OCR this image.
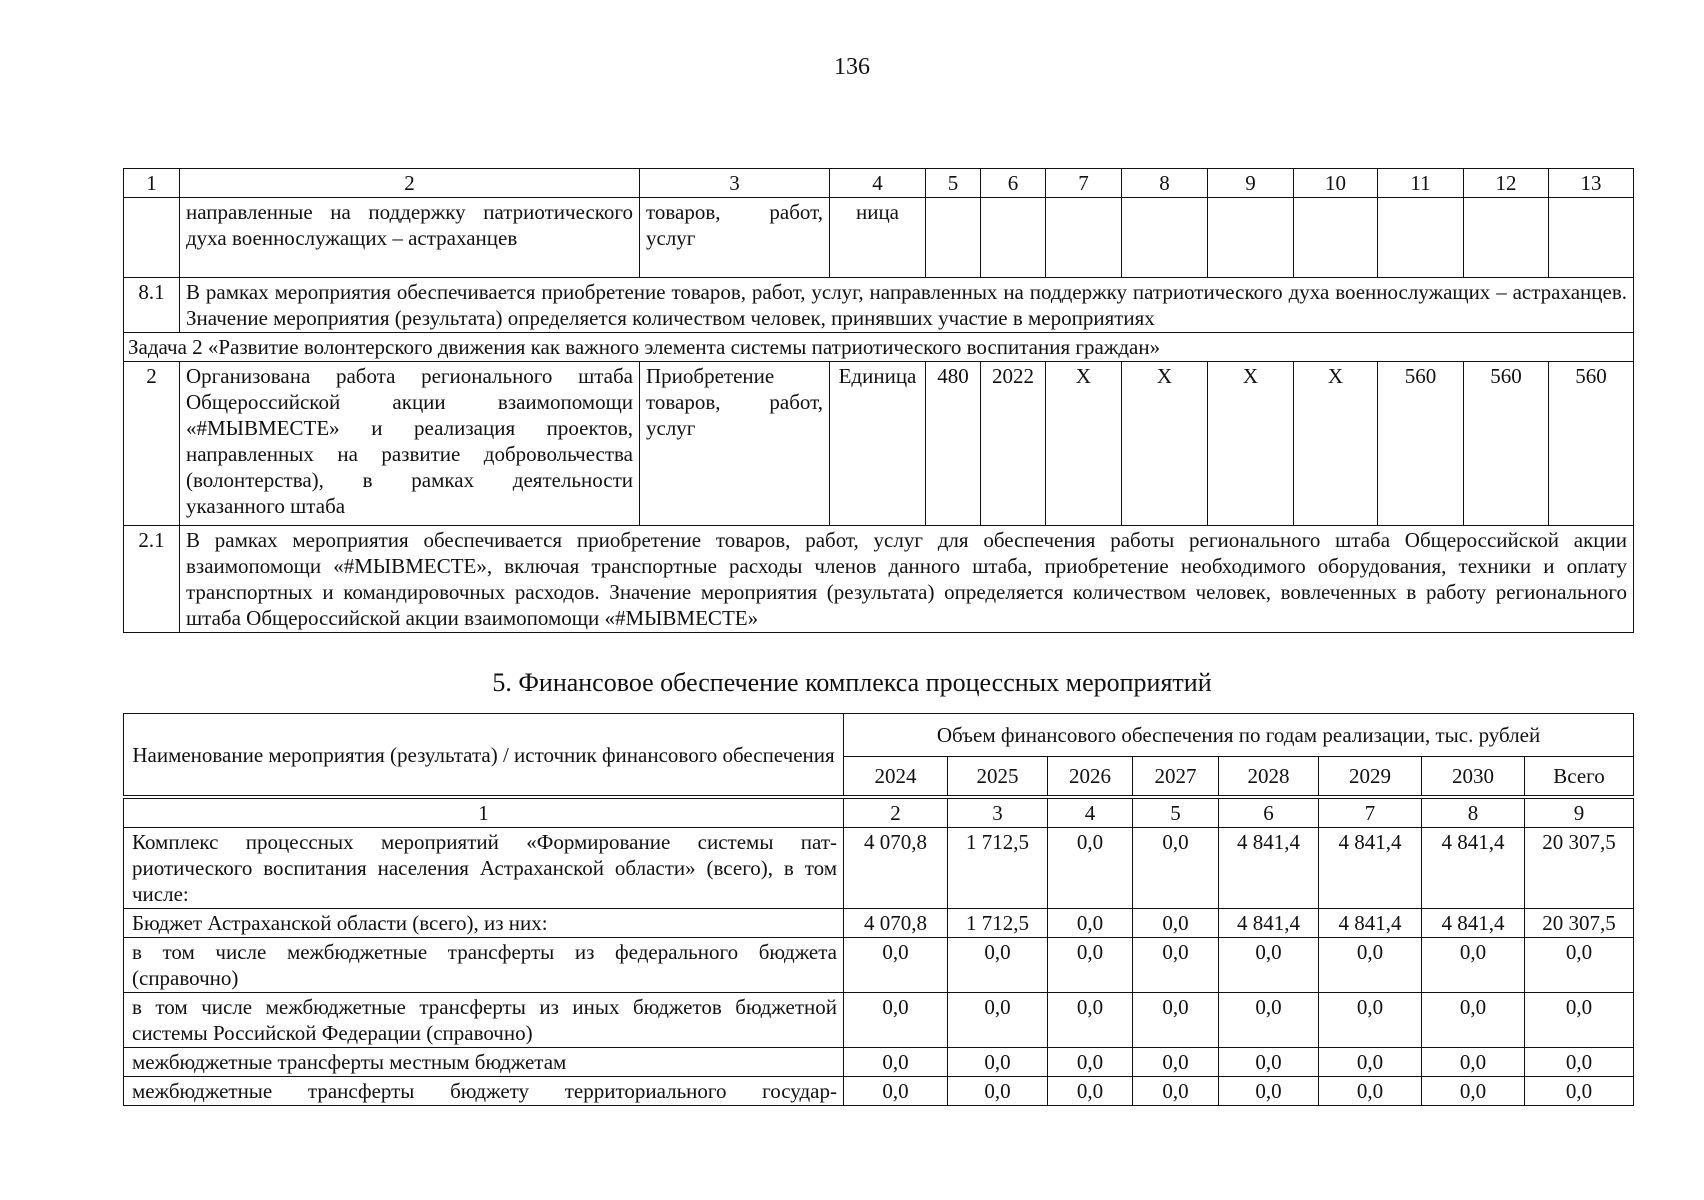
136
1	2	3	4	5	6	7	8	9	10	11	12	13
	направленные на поддержку патриотического духа военнослужащих – астраханцев	товаров, работ, услуг	ница									
8.1	В рамках мероприятия обеспечивается приобретение товаров, работ, услуг, направленных на поддержку патриотического духа военнослужащих – астраханцев. Значение мероприятия (результата) определяется количеством человек, принявших участие в мероприятиях											
Задача 2 «Развитие волонтерского движения как важного элемента системы патриотического воспитания граждан»												
2	Организована работа регионального штаба Общероссийской акции взаимопомощи «#МЫВМЕСТЕ» и реализация проектов, направленных на развитие добровольчества (волонтерства), в рамках деятельности указанного штаба	Приобретение товаров, работ, услуг	Единица	480	2022	X	X	X	X	560	560	560
2.1	В рамках мероприятия обеспечивается приобретение товаров, работ, услуг для обеспечения работы регионального штаба Общероссийской акции взаимопомощи «#МЫВМЕСТЕ», включая транспортные расходы членов данного штаба, приобретение необходимого оборудования, техники и оплату транспортных и командировочных расходов. Значение мероприятия (результата) определяется количеством человек, вовлеченных в работу регионального штаба Общероссийской акции взаимопомощи «#МЫВМЕСТЕ»											
5. Финансовое обеспечение комплекса процессных мероприятий
Наименование мероприятия (результата) / источник финансового обеспечения	Объем финансового обеспечения по годам реализации, тыс. рублей							
	2024	2025	2026	2027	2028	2029	2030	Всего

1	2	3	4	5	6	7	8	9
Комплекс процессных мероприятий «Формирование системы патриотического воспитания населения Астраханской области» (всего), в том числе:	4 070,8	1 712,5	0,0	0,0	4 841,4	4 841,4	4 841,4	20 307,5
Бюджет Астраханской области (всего), из них:	4 070,8	1 712,5	0,0	0,0	4 841,4	4 841,4	4 841,4	20 307,5
в том числе межбюджетные трансферты из федерального бюджета (справочно)	0,0	0,0	0,0	0,0	0,0	0,0	0,0	0,0
в том числе межбюджетные трансферты из иных бюджетов бюджетной системы Российской Федерации (справочно)	0,0	0,0	0,0	0,0	0,0	0,0	0,0	0,0
межбюджетные трансферты местным бюджетам	0,0	0,0	0,0	0,0	0,0	0,0	0,0	0,0
межбюджетные трансферты бюджету территориального государ-	0,0	0,0	0,0	0,0	0,0	0,0	0,0	0,0
